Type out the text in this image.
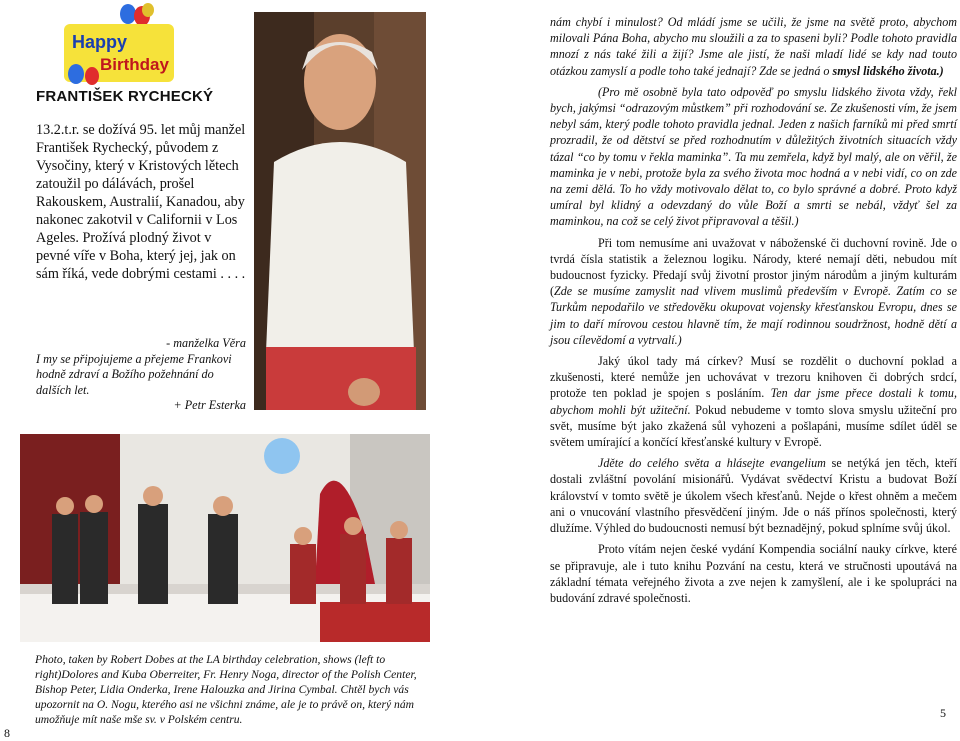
Happy
Birthday
FRANTIŠEK RYCHECKÝ
13.2.t.r. se dožívá 95. let můj manžel František Rychecký, původem z Vysočiny, který v Kristových lětech zatoužil po dálávách, prošel Rakouskem, Australií, Kanadou, aby nakonec zakotvil v Californii v Los Ageles. Prožívá plodný život v pevné víře v Boha, který jej, jak on sám říká, vede dobrými cestami . . . .
- manželka Věra
I my se připojujeme a přejeme Frankovi hodně zdraví a Božího požehnání do dalších let.
+ Petr Esterka
Photo, taken by Robert Dobes at the LA birthday celebration, shows (left to right)Dolores and Kuba Oberreiter, Fr. Henry Noga, director of the Polish Center, Bishop Peter, Lidia Onderka, Irene Halouzka and Jirina Cymbal. Chtěl bych vás upozornit na O. Nogu, kterého asi ne všichni známe, ale je to právě on, který nám umožňuje mít naše mše sv. v Polském centru.
8

nám chybí i minulost? Od mládí jsme se učili, že jsme na světě proto, abychom milovali Pána Boha, abycho mu sloužili a za to spaseni byli? Podle tohoto pravidla mnozí z nás také žili a žijí? Jsme ale jistí, že naši mladí lidé se kdy nad touto otázkou zamyslí a podle toho také jednají? Zde se jedná o smysl lidského života.)

(Pro mě osobně byla tato odpověď po smyslu lidského života vždy, řekl bych, jakýmsi “odrazovým můstkem” při rozhodování se. Ze zkušenosti vím, že jsem nebyl sám, který podle tohoto pravidla jednal. Jeden z našich farníků mi před smrtí prozradil, že od dětství se před rozhodnutím v důležitých životních situacích vždy tázal “co by tomu v řekla maminka”. Ta mu zemřela, když byl malý, ale on věřil, že maminka je v nebi, protože byla za svého života moc hodná a v nebi vidí, co on zde na zemi dělá. To ho vždy motivovalo dělat to, co bylo správné a dobré. Proto když umíral byl klidný a odevzdaný do vůle Boží a smrti se nebál, vždyť šel za maminkou, na což se celý život připravoval a těšil.)

Při tom nemusíme ani uvažovat v náboženské či duchovní rovině. Jde o tvrdá čísla statistik a železnou logiku. Národy, které nemají děti, nebudou mít budoucnost fyzicky. Předají svůj životní prostor jiným národům a jiným kulturám (Zde se musíme zamyslit nad vlivem muslimů především v Evropě. Zatím co se Turkům nepodařilo ve středověku okupovat vojensky křesťanskou Evropu, dnes se jim to daří mírovou cestou hlavně tím, že mají rodinnou soudržnost, hodně dětí a jsou cílevědomí a vytrvalí.)

Jaký úkol tady má církev? Musí se rozdělit o duchovní poklad a zkušenosti, které nemůže jen uchovávat v trezoru knihoven či dobrých srdcí, protože ten poklad je spojen s posláním. Ten dar jsme přece dostali k tomu, abychom mohli být užiteční. Pokud nebudeme v tomto slova smyslu užiteční pro svět, musíme být jako zkažená sůl vyhozeni a pošlapáni, musíme sdílet úděl se světem umírající a končící křesťanské kultury v Evropě.

Jděte do celého světa a hlásejte evangelium se netýká jen těch, kteří dostali zvláštní povolání misionářů. Vydávat svědectví Kristu a budovat Boží království v tomto světě je úkolem všech křesťanů. Nejde o křest ohněm a mečem ani o vnucování vlastního přesvědčení jiným. Jde o náš přínos společnosti, který dlužíme. Výhled do budoucnosti nemusí být beznadějný, pokud splníme svůj úkol.

Proto vítám nejen české vydání Kompendia sociální nauky církve, které se připravuje, ale i tuto knihu Pozvání na cestu, která ve stručnosti upoutává na základní témata veřejného života a zve nejen k zamyšlení, ale i ke spolupráci na budování zdravé společnosti.

5
